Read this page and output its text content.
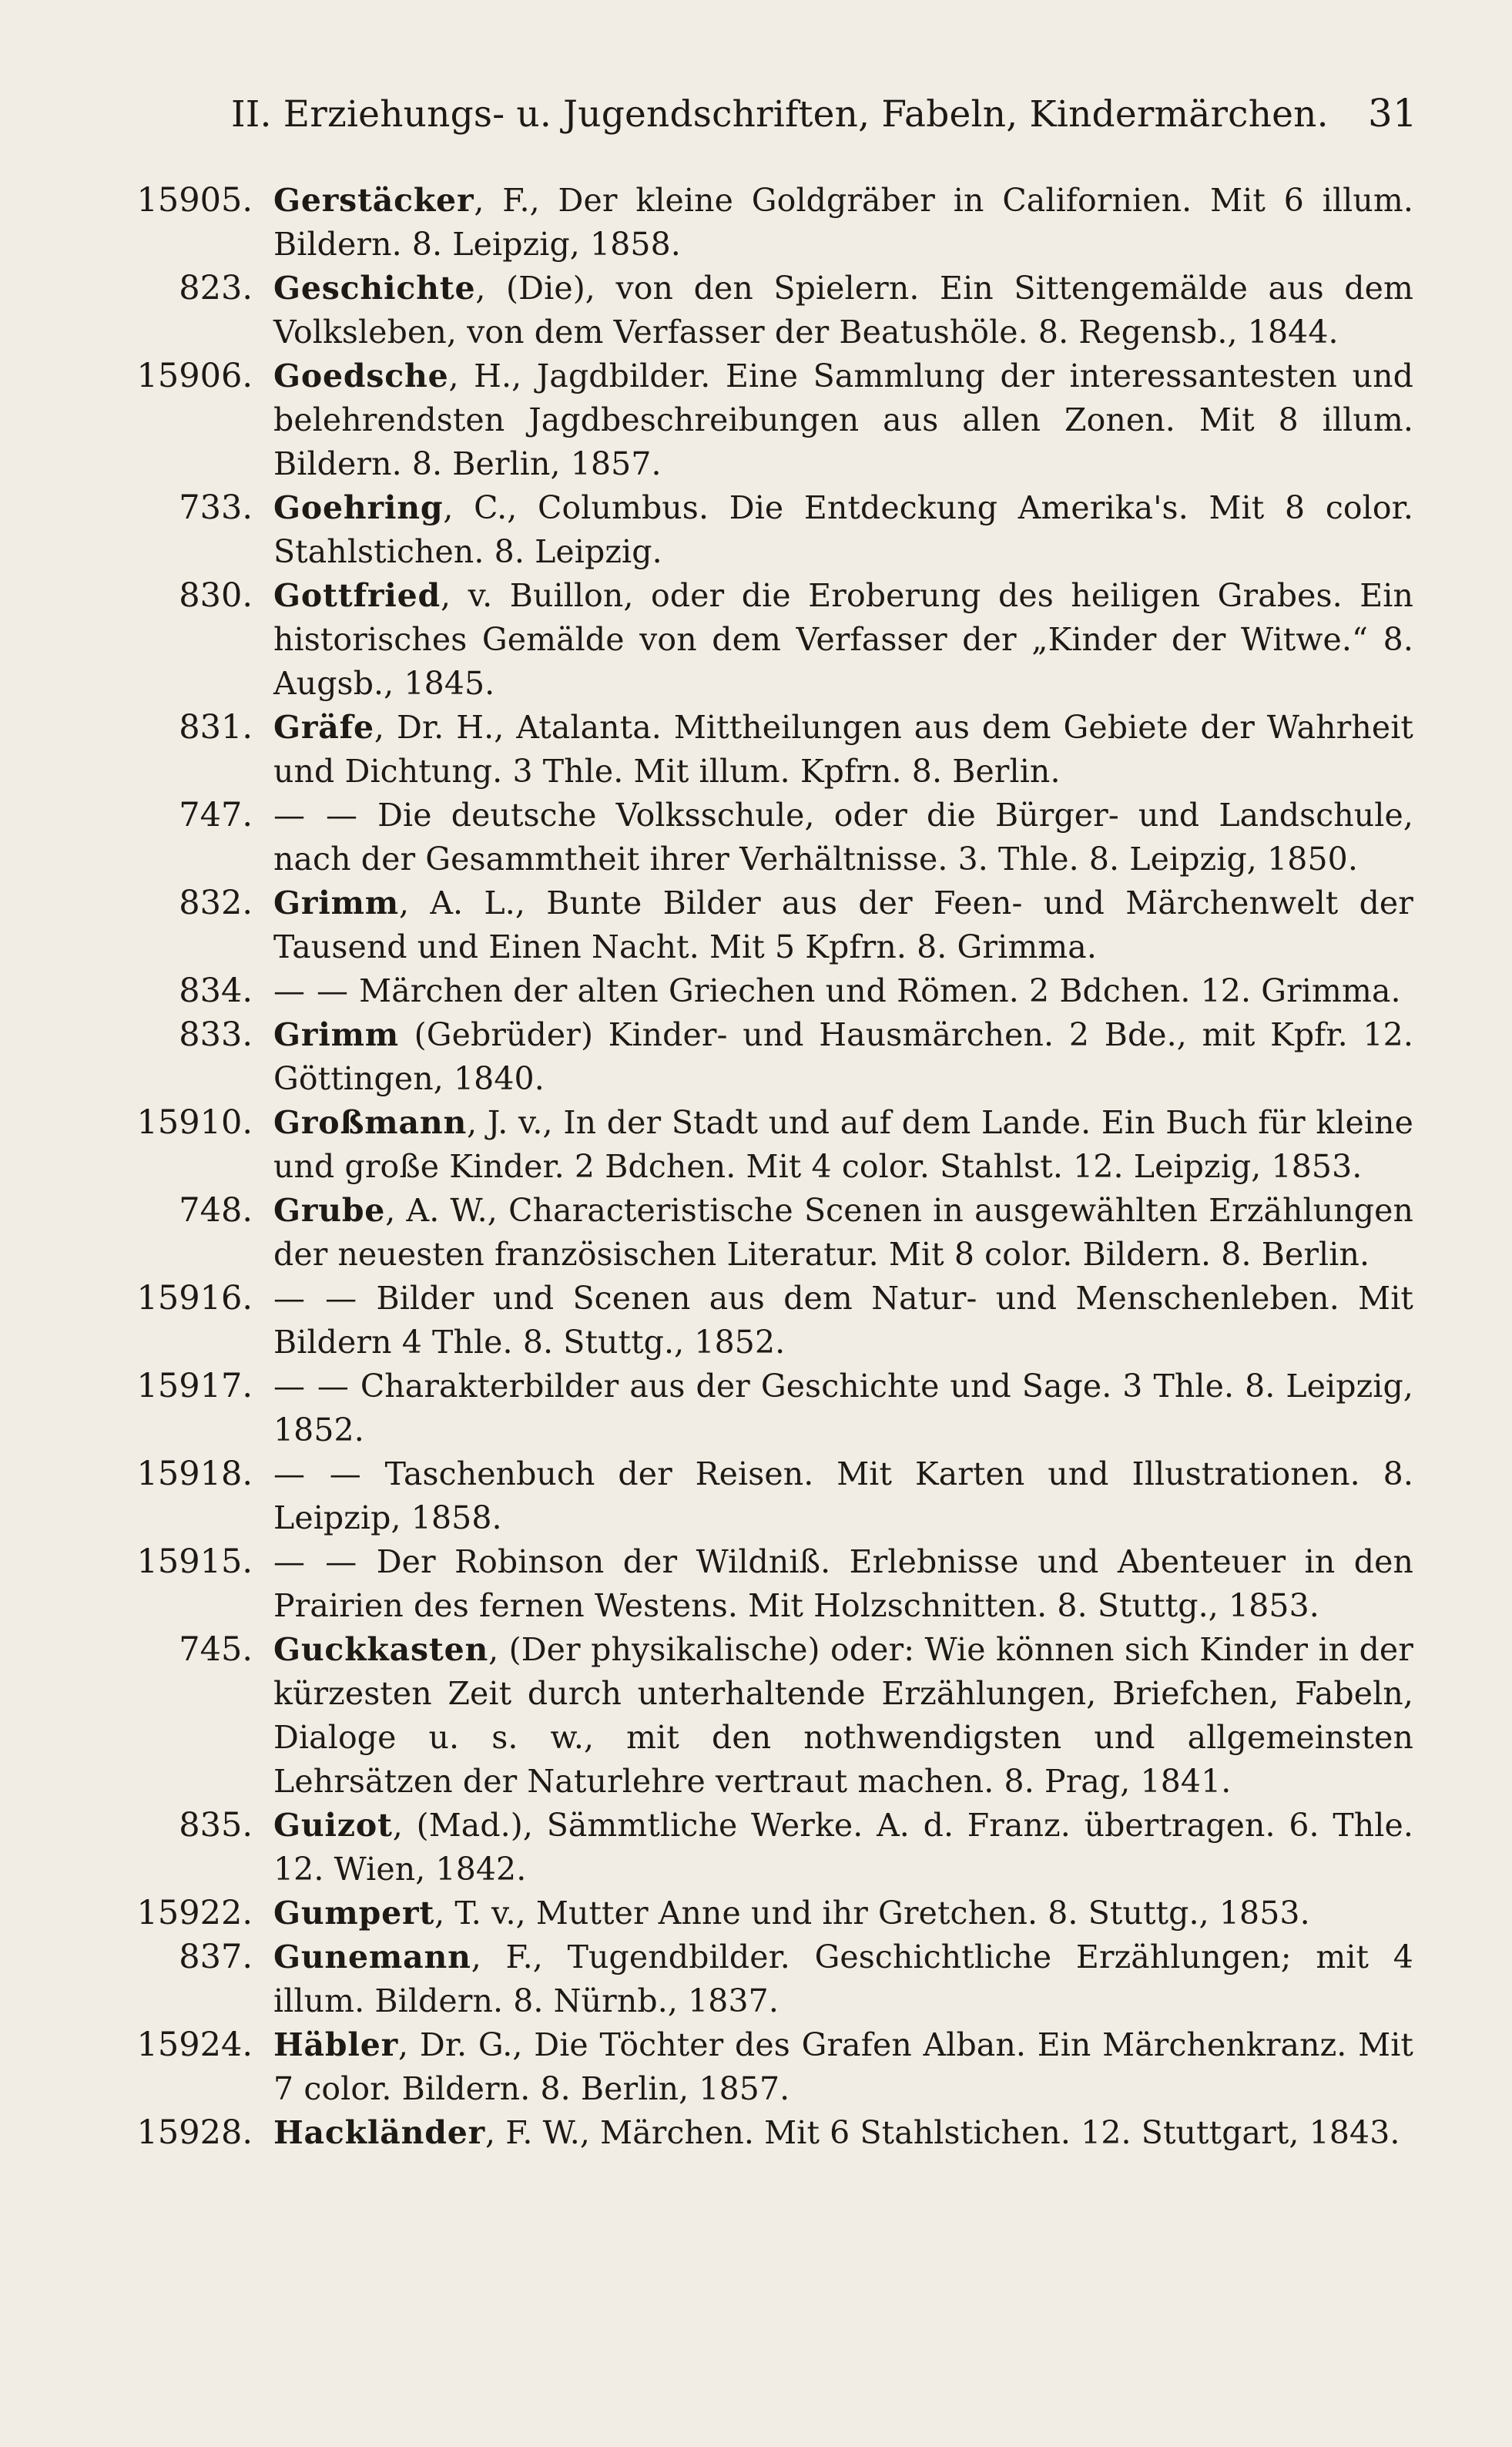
II. Erziehungs- u. Jugendschriften, Fabeln, Kindermärchen. 31
15905. Gerstäcker, F., Der kleine Goldgräber in Californien. Mit 6 illum. Bildern. 8. Leipzig, 1858.
823. Geschichte, (Die), von den Spielern. Ein Sittengemälde aus dem Volksleben, von dem Verfasser der Beatushöle. 8. Regensb., 1844.
15906. Goedsche, H., Jagdbilder. Eine Sammlung der interessantesten und belehrendsten Jagdbeschreibungen aus allen Zonen. Mit 8 illum. Bildern. 8. Berlin, 1857.
733. Goehring, C., Columbus. Die Entdeckung Amerika's. Mit 8 color. Stahlstichen. 8. Leipzig.
830. Gottfried, v. Buillon, oder die Eroberung des heiligen Grabes. Ein historisches Gemälde von dem Verfasser der „Kinder der Witwe.“ 8. Augsb., 1845.
831. Gräfe, Dr. H., Atalanta. Mittheilungen aus dem Gebiete der Wahrheit und Dichtung. 3 Thle. Mit illum. Kpfrn. 8. Berlin.
747. — — Die deutsche Volksschule, oder die Bürger- und Landschule, nach der Gesammtheit ihrer Verhältnisse. 3. Thle. 8. Leipzig, 1850.
832. Grimm, A. L., Bunte Bilder aus der Feen- und Märchenwelt der Tausend und Einen Nacht. Mit 5 Kpfrn. 8. Grimma.
834. — — Märchen der alten Griechen und Römen. 2 Bdchen. 12. Grimma.
833. Grimm (Gebrüder) Kinder- und Hausmärchen. 2 Bde., mit Kpfr. 12. Göttingen, 1840.
15910. Großmann, J. v., In der Stadt und auf dem Lande. Ein Buch für kleine und große Kinder. 2 Bdchen. Mit 4 color. Stahlst. 12. Leipzig, 1853.
748. Grube, A. W., Characteristische Scenen in ausgewählten Erzählungen der neuesten französischen Literatur. Mit 8 color. Bildern. 8. Berlin.
15916. — — Bilder und Scenen aus dem Natur- und Menschenleben. Mit Bildern 4 Thle. 8. Stuttg., 1852.
15917. — — Charakterbilder aus der Geschichte und Sage. 3 Thle. 8. Leipzig, 1852.
15918. — — Taschenbuch der Reisen. Mit Karten und Illustrationen. 8. Leipzip, 1858.
15915. — — Der Robinson der Wildniß. Erlebnisse und Abenteuer in den Prairien des fernen Westens. Mit Holzschnitten. 8. Stuttg., 1853.
745. Guckkasten, (Der physikalische) oder: Wie können sich Kinder in der kürzesten Zeit durch unterhaltende Erzählungen, Briefchen, Fabeln, Dialoge u. s. w., mit den nothwendigsten und allgemeinsten Lehrsätzen der Naturlehre vertraut machen. 8. Prag, 1841.
835. Guizot, (Mad.), Sämmtliche Werke. A. d. Franz. übertragen. 6. Thle. 12. Wien, 1842.
15922. Gumpert, T. v., Mutter Anne und ihr Gretchen. 8. Stuttg., 1853.
837. Gunemann, F., Tugendbilder. Geschichtliche Erzählungen; mit 4 illum. Bildern. 8. Nürnb., 1837.
15924. Häbler, Dr. G., Die Töchter des Grafen Alban. Ein Märchenkranz. Mit 7 color. Bildern. 8. Berlin, 1857.
15928. Hackländer, F. W., Märchen. Mit 6 Stahlstichen. 12. Stuttgart, 1843.
